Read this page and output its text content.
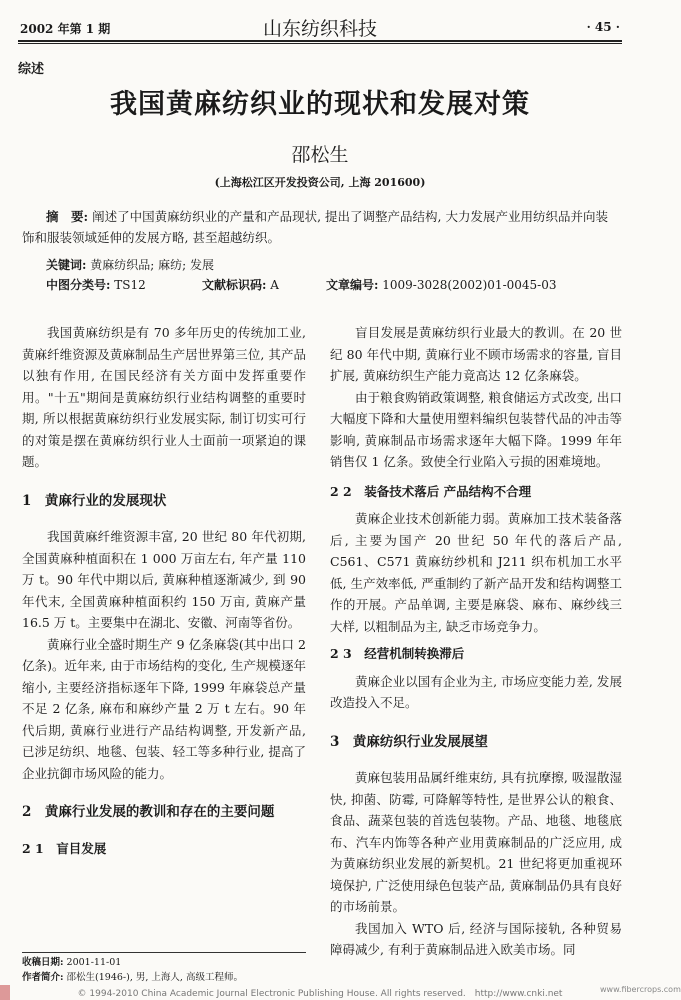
2002 年第 1 期	山东纺织科技	· 45 ·
综述
我国黄麻纺织业的现状和发展对策
邵松生
(上海松江区开发投资公司, 上海 201600)
摘　要: 阐述了中国黄麻纺织业的产量和产品现状, 提出了调整产品结构, 大力发展产业用纺织品并向装饰和服装领域延伸的发展方略, 甚至超越纺织。
关键词: 黄麻纺织品; 麻纺; 发展
中图分类号: TS12	文献标识码: A	文章编号: 1009-3028(2002)01-0045-03

我国黄麻纺织是有 70 多年历史的传统加工业, 黄麻纤维资源及黄麻制品生产居世界第三位, 其产品以独有作用, 在国民经济有关方面中发挥重要作用。"十五"期间是黄麻纺织行业结构调整的重要时期, 所以根据黄麻纺织行业发展实际, 制订切实可行的对策是摆在黄麻纺织行业人士面前一项紧迫的课题。

1　黄麻行业的发展现状

我国黄麻纤维资源丰富, 20 世纪 80 年代初期, 全国黄麻种植面积在 1 000 万亩左右, 年产量 110 万 t。90 年代中期以后, 黄麻种植逐渐减少, 到 90 年代末, 全国黄麻种植面积约 150 万亩, 黄麻产量 16.5 万 t。主要集中在湖北、安徽、河南等省份。

黄麻行业全盛时期生产 9 亿条麻袋(其中出口 2 亿条)。近年来, 由于市场结构的变化, 生产规模逐年缩小, 主要经济指标逐年下降, 1999 年麻袋总产量不足 2 亿条, 麻布和麻纱产量 2 万 t 左右。90 年代后期, 黄麻行业进行产品结构调整, 开发新产品, 已涉足纺织、地毯、包装、轻工等多种行业, 提高了企业抗御市场风险的能力。

2　黄麻行业发展的教训和存在的主要问题
2 1　盲目发展
收稿日期: 2001-11-01
作者简介: 邵松生(1946-), 男, 上海人, 高级工程师。

盲目发展是黄麻纺织行业最大的教训。在 20 世纪 80 年代中期, 黄麻行业不顾市场需求的容量, 盲目扩展, 黄麻纺织生产能力竟高达 12 亿条麻袋。

由于粮食购销政策调整, 粮食储运方式改变, 出口大幅度下降和大量使用塑料编织包装替代品的冲击等影响, 黄麻制品市场需求逐年大幅下降。1999 年年销售仅 1 亿条。致使全行业陷入亏损的困难境地。

2 2　装备技术落后 产品结构不合理

黄麻企业技术创新能力弱。黄麻加工技术装备落后, 主要为国产 20 世纪 50 年代的落后产品, C561、C571 黄麻纺纱机和 J211 织布机加工水平低, 生产效率低, 严重制约了新产品开发和结构调整工作的开展。产品单调, 主要是麻袋、麻布、麻纱线三大样, 以粗制品为主, 缺乏市场竞争力。

2 3　经营机制转换滞后

黄麻企业以国有企业为主, 市场应变能力差, 发展改造投入不足。

3　黄麻纺织行业发展展望

黄麻包装用品属纤维束纺, 具有抗摩擦, 吸湿散湿快, 抑菌、防霉, 可降解等特性, 是世界公认的粮食、食品、蔬菜包装的首选包装物。产品、地毯、地毯底布、汽车内饰等各种产业用黄麻制品的广泛应用, 成为黄麻纺织业发展的新契机。21 世纪将更加重视环境保护, 广泛使用绿色包装产品, 黄麻制品仍具有良好的市场前景。

我国加入 WTO 后, 经济与国际接轨, 各种贸易障碍减少, 有利于黄麻制品进入欧美市场。同

© 1994-2010 China Academic Journal Electronic Publishing House. All rights reserved.　http://www.cnki.net	www.fibercrops.com
